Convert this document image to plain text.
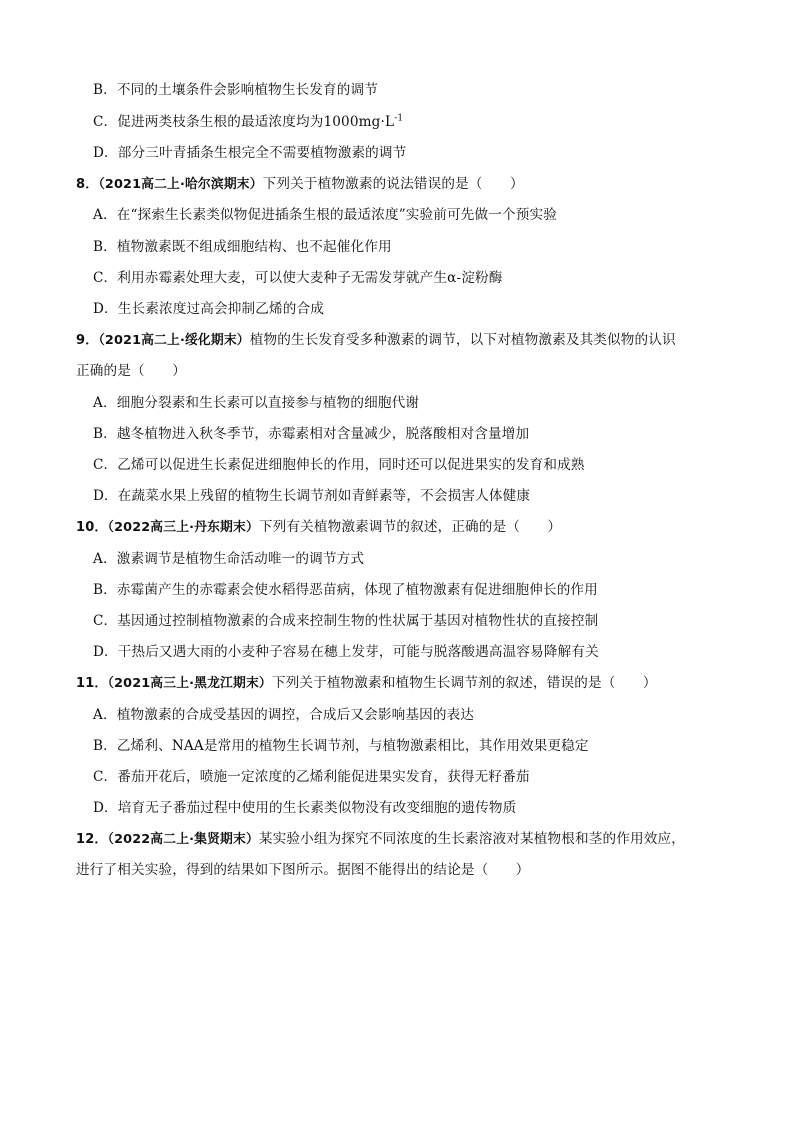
B．不同的土壤条件会影响植物生长发育的调节
C．促进两类枝条生根的最适浓度均为$1000mg\cdot L^{-1}$
D．部分三叶青插条生根完全不需要植物激素的调节
8．（2021高二上·哈尔滨期末）下列关于植物激素的说法错误的是（　　）
A．在“探索生长素类似物促进插条生根的最适浓度”实验前可先做一个预实验
B．植物激素既不组成细胞结构、也不起催化作用
C．利用赤霉素处理大麦，可以使大麦种子无需发芽就产生α-淀粉酶
D．生长素浓度过高会抑制乙烯的合成
9．（2021高二上·绥化期末）植物的生长发育受多种激素的调节，以下对植物激素及其类似物的认识
正确的是（　　）
A．细胞分裂素和生长素可以直接参与植物的细胞代谢
B．越冬植物进入秋冬季节，赤霉素相对含量减少，脱落酸相对含量增加
C．乙烯可以促进生长素促进细胞伸长的作用，同时还可以促进果实的发育和成熟
D．在蔬菜水果上残留的植物生长调节剂如青鲜素等，不会损害人体健康
10．（2022高三上·丹东期末）下列有关植物激素调节的叙述，正确的是（　　）
A．激素调节是植物生命活动唯一的调节方式
B．赤霉菌产生的赤霉素会使水稻得恶苗病，体现了植物激素有促进细胞伸长的作用
C．基因通过控制植物激素的合成来控制生物的性状属于基因对植物性状的直接控制
D．干热后又遇大雨的小麦种子容易在穗上发芽，可能与脱落酸遇高温容易降解有关
11．（2021高三上·黑龙江期末）下列关于植物激素和植物生长调节剂的叙述，错误的是（　　）
A．植物激素的合成受基因的调控，合成后又会影响基因的表达
B．乙烯利、NAA是常用的植物生长调节剂，与植物激素相比，其作用效果更稳定
C．番茄开花后，喷施一定浓度的乙烯利能促进果实发育，获得无籽番茄
D．培育无子番茄过程中使用的生长素类似物没有改变细胞的遗传物质
12．（2022高二上·集贤期末）某实验小组为探究不同浓度的生长素溶液对某植物根和茎的作用效应，
进行了相关实验，得到的结果如下图所示。据图不能得出的结论是（　　）
